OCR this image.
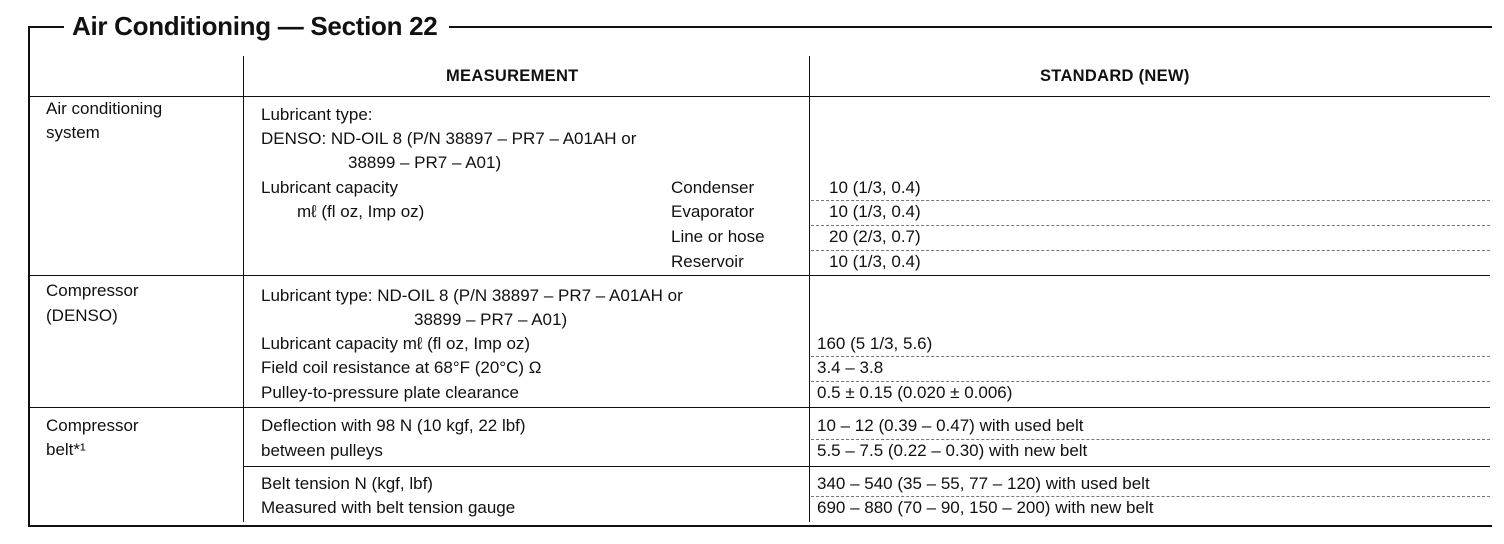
Air Conditioning — Section 22
MEASUREMENT	STANDARD (NEW)
Air conditioning
system
Lubricant type:
DENSO: ND-OIL 8 (P/N 38897 – PR7 – A01AH or
38899 – PR7 – A01)
Lubricant capacity
mℓ (fl oz, Imp oz)
Condenser
Evaporator
Line or hose
Reservoir
10 (1/3, 0.4)
10 (1/3, 0.4)
20 (2/3, 0.7)
10 (1/3, 0.4)
Compressor
(DENSO)
Lubricant type: ND-OIL 8 (P/N 38897 – PR7 – A01AH or
38899 – PR7 – A01)
Lubricant capacity mℓ (fl oz, Imp oz)
Field coil resistance at 68°F (20°C) Ω
Pulley-to-pressure plate clearance
160 (5 1/3, 5.6)
3.4 – 3.8
0.5 ± 0.15 (0.020 ± 0.006)
Compressor
belt*¹
Deflection with 98 N (10 kgf, 22 lbf)
between pulleys
Belt tension N (kgf, lbf)
Measured with belt tension gauge
10 – 12 (0.39 – 0.47) with used belt
5.5 – 7.5 (0.22 – 0.30) with new belt
340 – 540 (35 – 55, 77 – 120) with used belt
690 – 880 (70 – 90, 150 – 200) with new belt
